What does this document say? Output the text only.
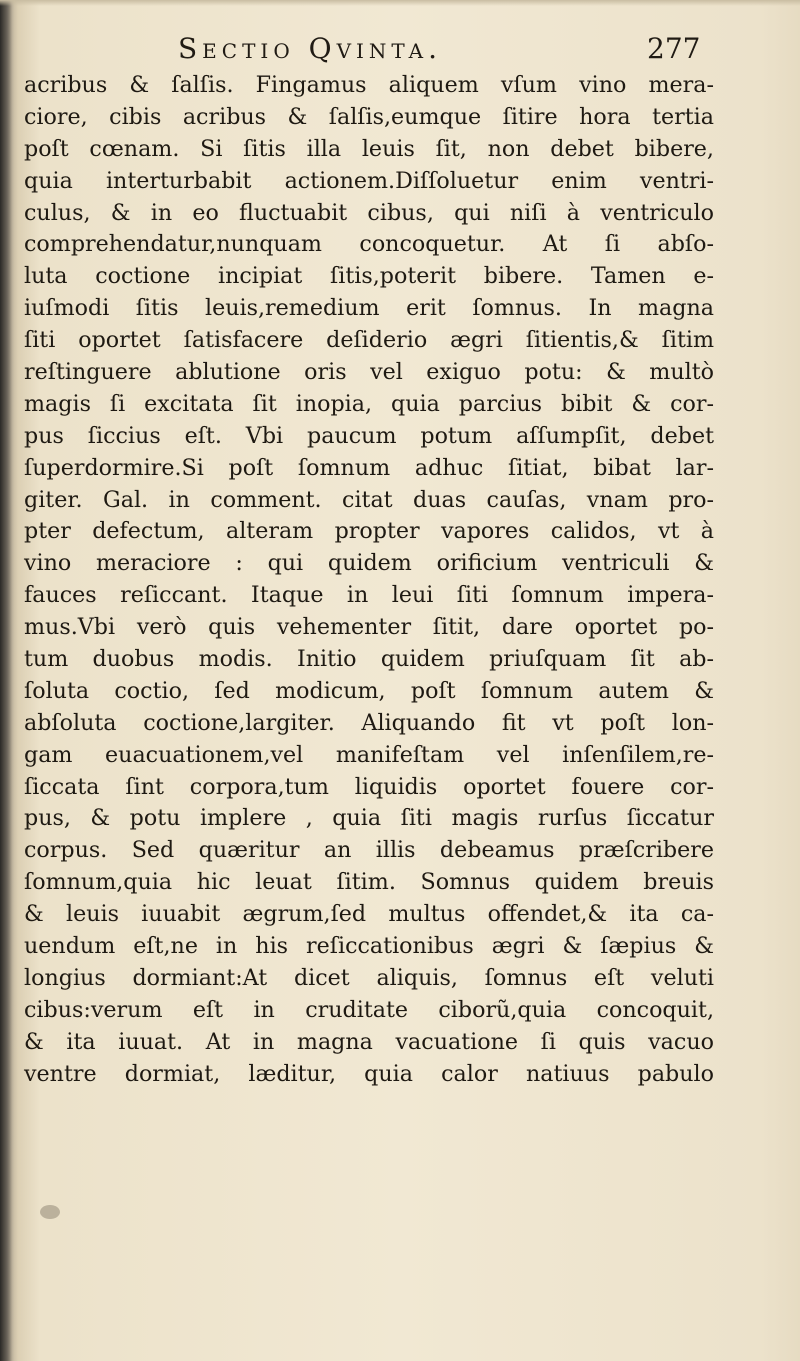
Sectio Qvinta.	277
acribus & ſalſis. Fingamus aliquem vſum vino mera-
ciore, cibis acribus & ſalſis,eumque ſitire hora tertia
poſt cœnam. Si ſitis illa leuis ſit, non debet bibere,
quia interturbabit actionem.Diſſoluetur enim ventri-
culus, & in eo fluctuabit cibus, qui niſi à ventriculo
comprehendatur,nunquam concoquetur. At ſi abſo-
luta coctione incipiat ſitis,poterit bibere. Tamen e-
iuſmodi ſitis leuis,remedium erit ſomnus. In magna
ſiti oportet ſatisfacere deſiderio ægri ſitientis,& ſitim
reſtinguere ablutione oris vel exiguo potu: & multò
magis ſi excitata ſit inopia, quia parcius bibit & cor-
pus ſiccius eſt. Vbi paucum potum aſſumpſit, debet
ſuperdormire.Si poſt ſomnum adhuc ſitiat, bibat lar-
giter. Gal. in comment. citat duas cauſas, vnam pro-
pter defectum, alteram propter vapores calidos, vt à
vino meraciore : qui quidem orificium ventriculi &
fauces reſiccant. Itaque in leui ſiti ſomnum impera-
mus.Vbi verò quis vehementer ſitit, dare oportet po-
tum duobus modis. Initio quidem priuſquam ſit ab-
ſoluta coctio, ſed modicum, poſt ſomnum autem &
abſoluta coctione,largiter. Aliquando fit vt poſt lon-
gam euacuationem,vel manifeſtam vel inſenſilem,re-
ſiccata ſint corpora,tum liquidis oportet fouere cor-
pus, & potu implere , quia ſiti magis rurſus ſiccatur
corpus. Sed quæritur an illis debeamus præſcribere
ſomnum,quia hic leuat ſitim. Somnus quidem breuis
& leuis iuuabit ægrum,ſed multus offendet,& ita ca-
uendum eſt,ne in his reſiccationibus ægri & ſæpius &
longius dormiant:At dicet aliquis, ſomnus eſt veluti
cibus:verum eſt in cruditate ciborũ,quia concoquit,
& ita iuuat. At in magna vacuatione ſi quis vacuo
ventre dormiat, læditur, quia calor natiuus pabulo
